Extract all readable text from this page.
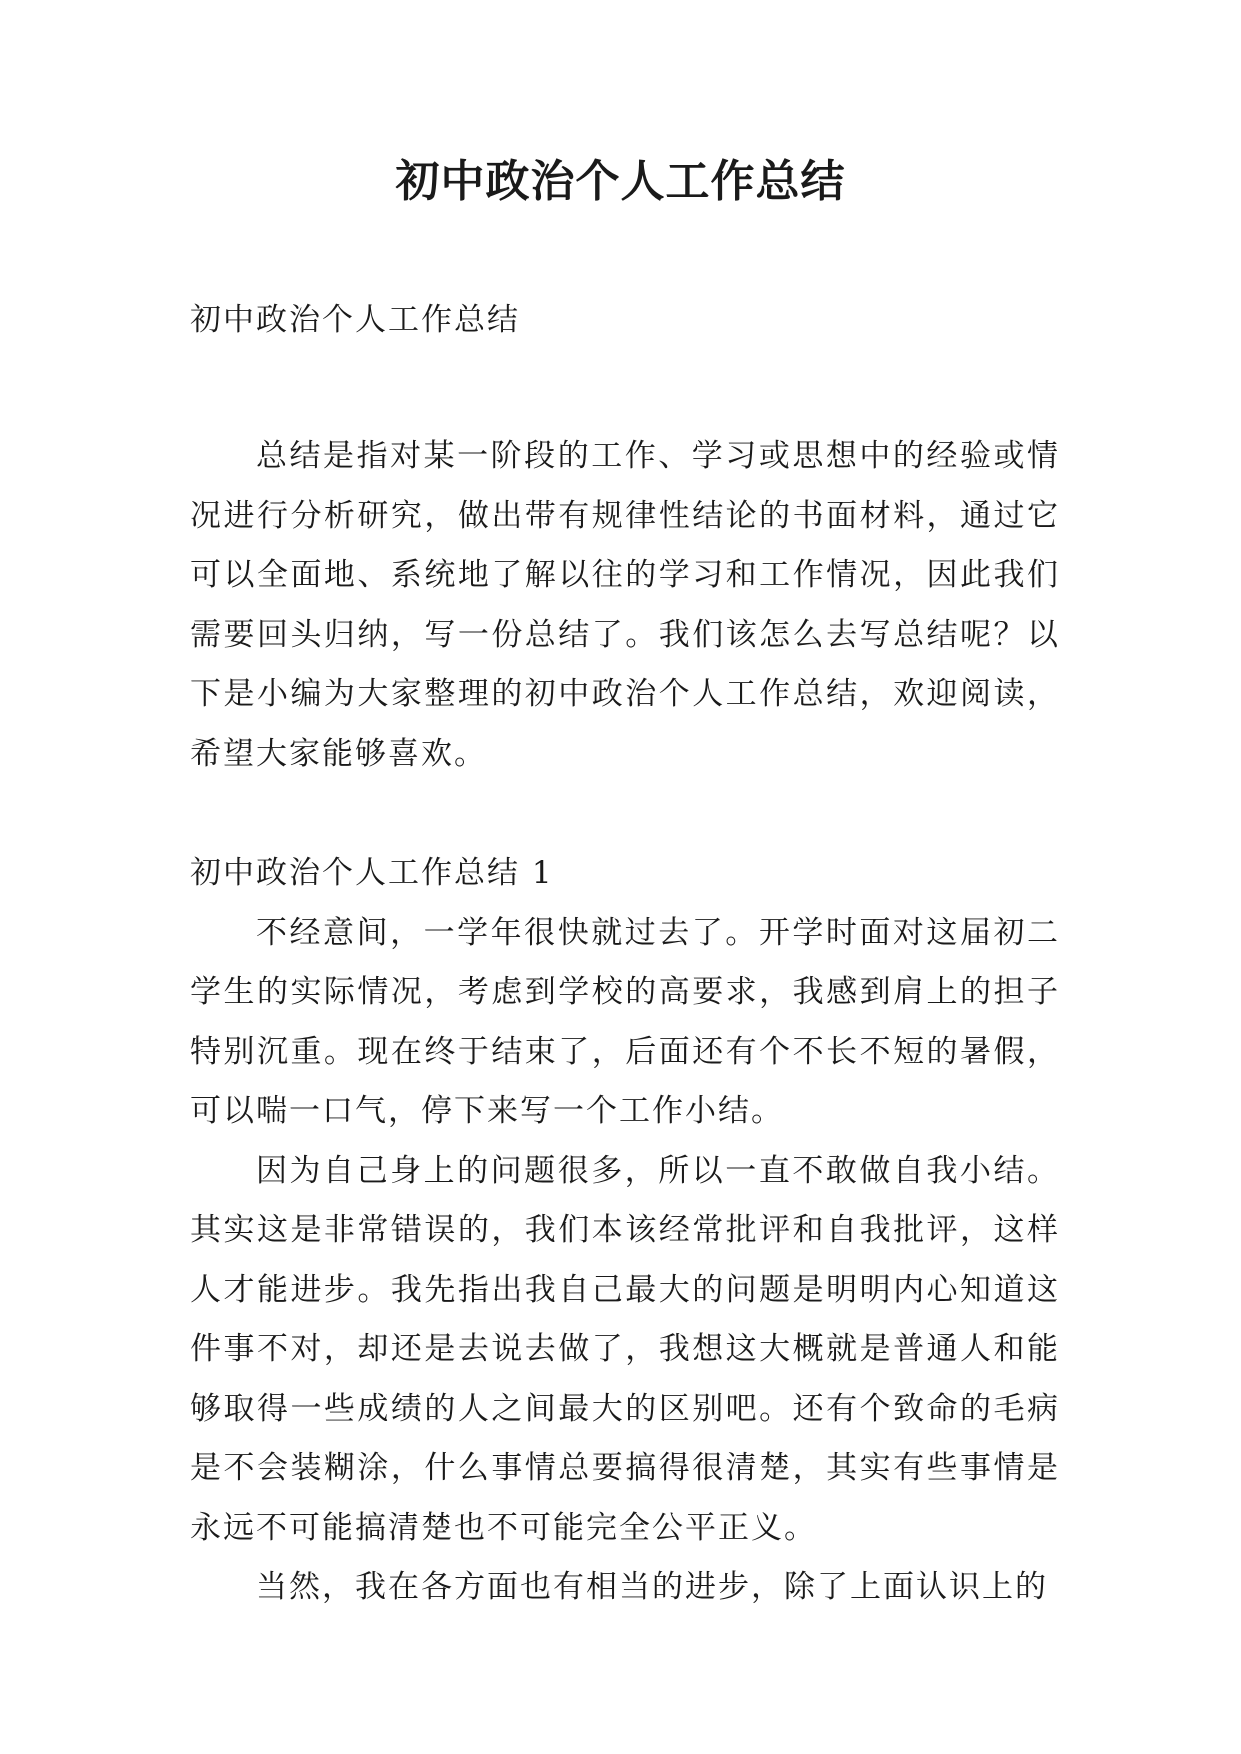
初中政治个人工作总结

初中政治个人工作总结

总结是指对某一阶段的工作、学习或思想中的经验或情况进行分析研究，做出带有规律性结论的书面材料，通过它可以全面地、系统地了解以往的学习和工作情况，因此我们需要回头归纳，写一份总结了。我们该怎么去写总结呢？以下是小编为大家整理的初中政治个人工作总结，欢迎阅读，希望大家能够喜欢。

初中政治个人工作总结 1

不经意间，一学年很快就过去了。开学时面对这届初二学生的实际情况，考虑到学校的高要求，我感到肩上的担子特别沉重。现在终于结束了，后面还有个不长不短的暑假，可以喘一口气，停下来写一个工作小结。

因为自己身上的问题很多，所以一直不敢做自我小结。其实这是非常错误的，我们本该经常批评和自我批评，这样人才能进步。我先指出我自己最大的问题是明明内心知道这件事不对，却还是去说去做了，我想这大概就是普通人和能够取得一些成绩的人之间最大的区别吧。还有个致命的毛病是不会装糊涂，什么事情总要搞得很清楚，其实有些事情是永远不可能搞清楚也不可能完全公平正义。

当然，我在各方面也有相当的进步，除了上面认识上的
